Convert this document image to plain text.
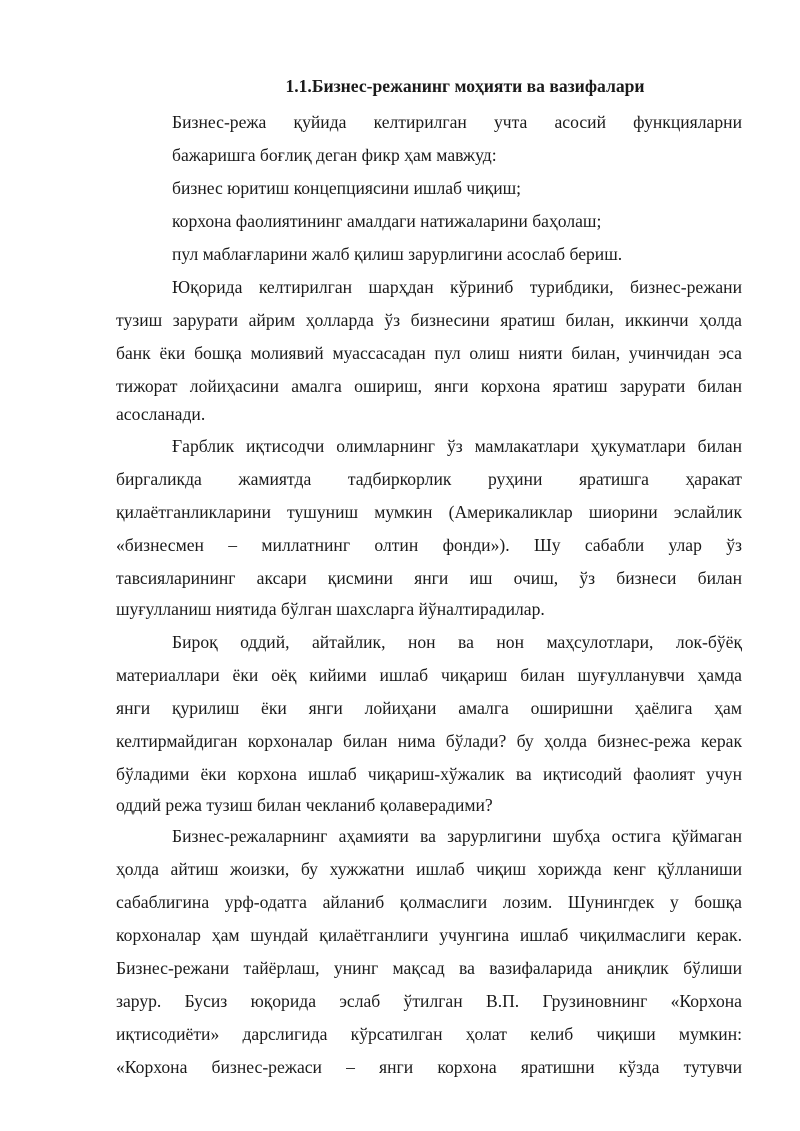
1.1.Бизнес-режанинг моҳияти ва вазифалари
Бизнес-режа қуйида келтирилган учта асосий функцияларни
бажаришга боғлиқ деган фикр ҳам мавжуд:
бизнес юритиш концепциясини ишлаб чиқиш;
корхона фаолиятининг амалдаги натижаларини баҳолаш;
пул маблағларини жалб қилиш зарурлигини асослаб бериш.
Юқорида келтирилган шарҳдан кўриниб турибдики, бизнес-режани
тузиш зарурати айрим ҳолларда ўз бизнесини яратиш билан, иккинчи ҳолда
банк ёки бошқа молиявий муассасадан пул олиш нияти билан, учинчидан эса
тижорат лойиҳасини амалга ошириш, янги корхона яратиш зарурати билан
асосланади.
Ғарблик иқтисодчи олимларнинг ўз мамлакатлари ҳукуматлари билан
биргаликда жамиятда тадбиркорлик руҳини яратишга ҳаракат
қилаётганликларини тушуниш мумкин (Америкаликлар шиорини эслайлик
«бизнесмен – миллатнинг олтин фонди»). Шу сабабли улар ўз
тавсияларининг аксари қисмини янги иш очиш, ўз бизнеси билан
шуғулланиш ниятида бўлган шахсларга йўналтирадилар.
Бироқ оддий, айтайлик, нон ва нон маҳсулотлари, лок-бўёқ
материаллари ёки оёқ кийими ишлаб чиқариш билан шуғулланувчи ҳамда
янги қурилиш ёки янги лойиҳани амалга оширишни ҳаёлига ҳам
келтирмайдиган корхоналар билан нима бўлади? бу ҳолда бизнес-режа керак
бўладими ёки корхона ишлаб чиқариш-хўжалик ва иқтисодий фаолият учун
оддий режа тузиш билан чекланиб қолаверадими?
Бизнес-режаларнинг аҳамияти ва зарурлигини шубҳа остига қўймаган
ҳолда айтиш жоизки, бу хужжатни ишлаб чиқиш хорижда кенг қўлланиши
сабаблигина урф-одатга айланиб қолмаслиги лозим. Шунингдек у бошқа
корхоналар ҳам шундай қилаётганлиги учунгина ишлаб чиқилмаслиги керак.
Бизнес-режани тайёрлаш, унинг мақсад ва вазифаларида аниқлик бўлиши
зарур. Бусиз юқорида эслаб ўтилган В.П. Грузиновнинг «Корхона
иқтисодиёти» дарслигида кўрсатилган ҳолат келиб чиқиши мумкин:
«Корхона бизнес-режаси – янги корхона яратишни кўзда тутувчи
